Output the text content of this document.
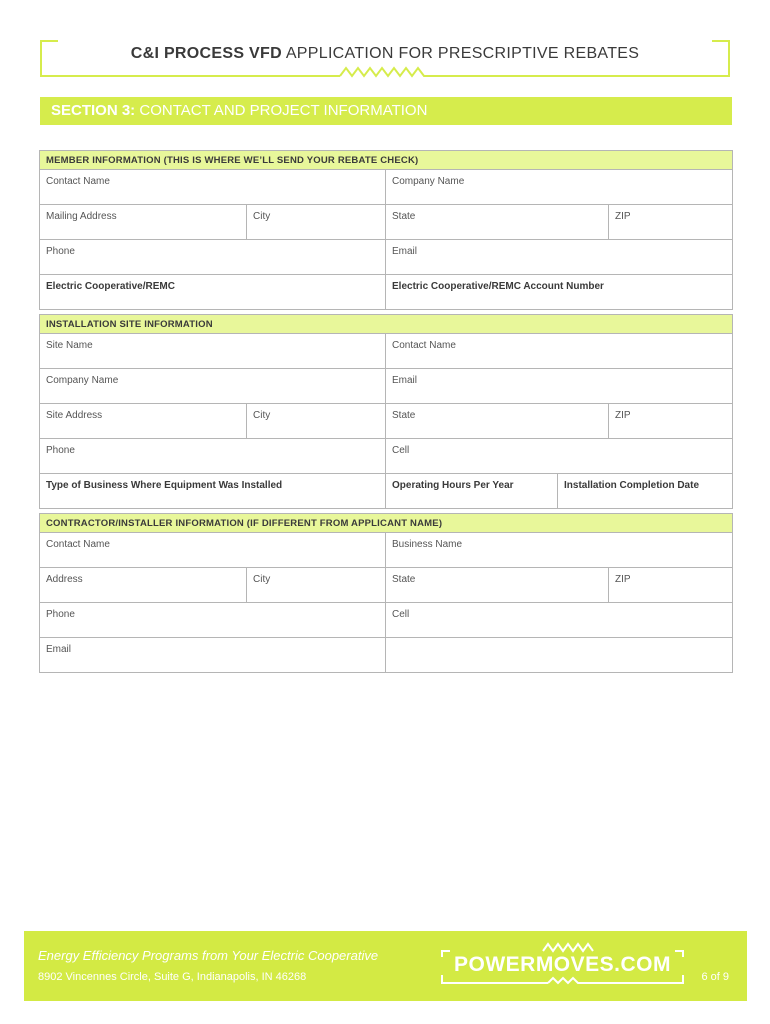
C&I PROCESS VFD APPLICATION FOR PRESCRIPTIVE REBATES
SECTION 3: CONTACT AND PROJECT INFORMATION
MEMBER INFORMATION (THIS IS WHERE WE’LL SEND YOUR REBATE CHECK)			
Contact Name		Company Name	
Mailing Address	City	State	ZIP
Phone		Email	
Electric Cooperative/REMC		Electric Cooperative/REMC Account Number	
INSTALLATION SITE INFORMATION				
Site Name		Contact Name		
Company Name		Email		
Site Address	City	State		ZIP
Phone		Cell		
Type of Business Where Equipment Was Installed		Operating Hours Per Year	Installation Completion Date	
CONTRACTOR/INSTALLER INFORMATION (IF DIFFERENT FROM APPLICANT NAME)			
Contact Name		Business Name	
Address	City	State	ZIP
Phone		Cell	
Email			
Energy Efficiency Programs from Your Electric Cooperative
8902 Vincennes Circle, Suite G, Indianapolis, IN 46268
POWERMOVES.COM
6 of 9
